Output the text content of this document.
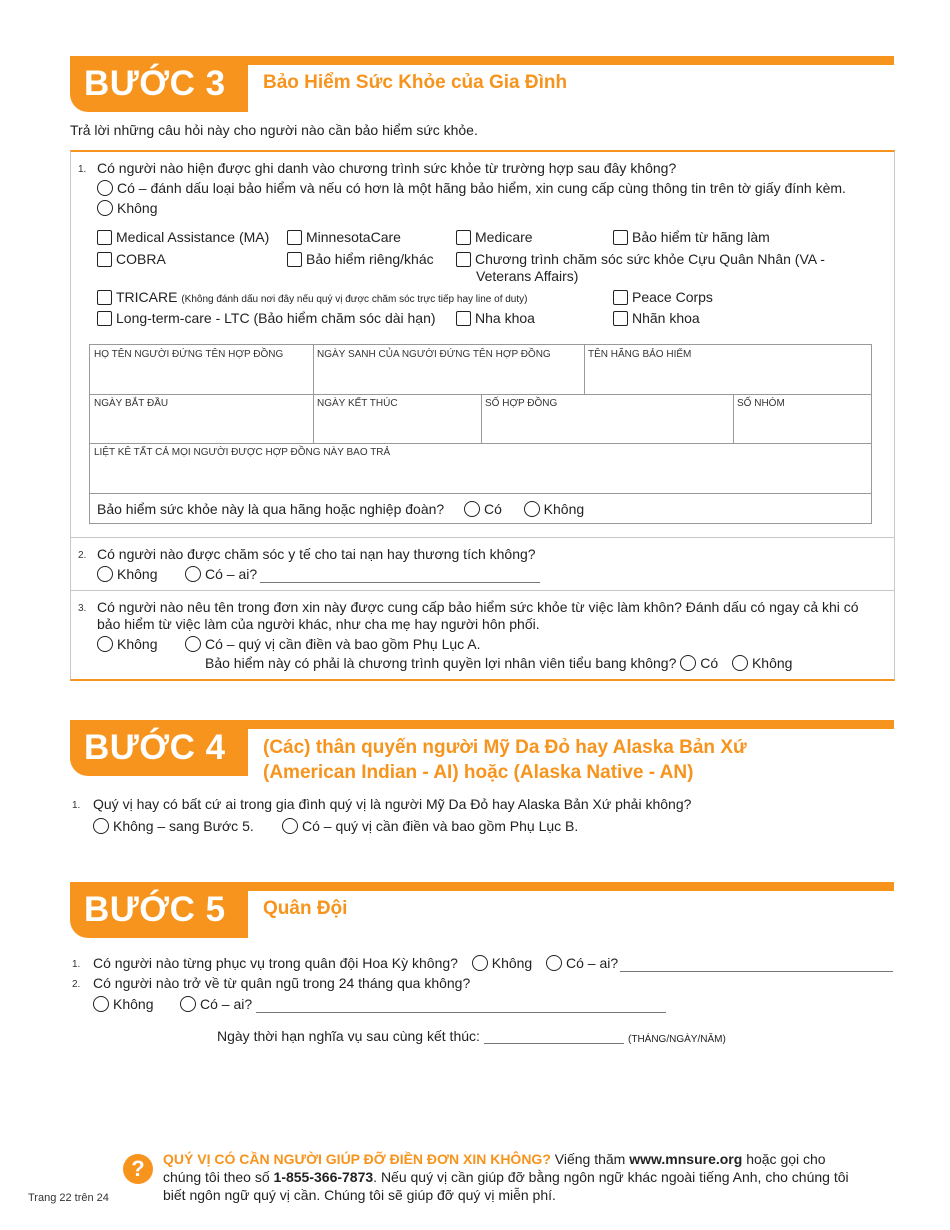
BƯỚC 3	Bảo Hiểm Sức Khỏe của Gia Đình
Trả lời những câu hỏi này cho người nào cần bảo hiểm sức khỏe.
1. Có người nào hiện được ghi danh vào chương trình sức khỏe từ trường hợp sau đây không?
Có – đánh dấu loại bảo hiểm và nếu có hơn là một hãng bảo hiểm, xin cung cấp cùng thông tin trên tờ giấy đính kèm.
Không
Medical Assistance (MA)	MinnesotaCare	Medicare	Bảo hiểm từ hãng làm
COBRA	Bảo hiểm riêng/khác	Chương trình chăm sóc sức khỏe Cựu Quân Nhân (VA -
Veterans Affairs)
TRICARE (Không đánh dấu nơi đây nếu quý vị được chăm sóc trực tiếp hay line of duty)	Peace Corps
Long-term-care - LTC (Bảo hiểm chăm sóc dài hạn)	Nha khoa	Nhãn khoa
HỌ TÊN NGƯỜI ĐỨNG TÊN HỢP ĐỒNG	NGÀY SANH CỦA NGƯỜI ĐỨNG TÊN HỢP ĐỒNG	TÊN HÃNG BẢO HIỂM
NGÀY BẮT ĐẦU	NGÀY KẾT THÚC	SỐ HỢP ĐỒNG	SỐ NHÓM
LIỆT KÊ TẤT CẢ MỌI NGƯỜI ĐƯỢC HỢP ĐỒNG NÀY BAO TRẢ
Bảo hiểm sức khỏe này là qua hãng hoặc nghiệp đoàn?	Có	Không
2. Có người nào được chăm sóc y tế cho tai nạn hay thương tích không?
Không	Có – ai?
3. Có người nào nêu tên trong đơn xin này được cung cấp bảo hiểm sức khỏe từ việc làm khôn? Đánh dấu có ngay cả khi có
bảo hiểm từ việc làm của người khác, như cha mẹ hay người hôn phối.
Không	Có – quý vị cần điền và bao gồm Phụ Lục A.
Bảo hiểm này có phải là chương trình quyền lợi nhân viên tiểu bang không? Có Không
BƯỚC 4	(Các) thân quyến người Mỹ Da Đỏ hay Alaska Bản Xứ
(American Indian - AI) hoặc (Alaska Native - AN)
1. Quý vị hay có bất cứ ai trong gia đình quý vị là người Mỹ Da Đỏ hay Alaska Bản Xứ phải không?
Không – sang Bước 5.	Có – quý vị cần điền và bao gồm Phụ Lục B.
BƯỚC 5	Quân Đội
1. Có người nào từng phục vụ trong quân đội Hoa Kỳ không? Không Có – ai?
2. Có người nào trở về từ quân ngũ trong 24 tháng qua không?
Không	Có – ai?
Ngày thời hạn nghĩa vụ sau cùng kết thúc:	(THÁNG/NGÀY/NĂM)
?	QUÝ VỊ CÓ CẦN NGƯỜI GIÚP ĐỠ ĐIỀN ĐƠN XIN KHÔNG? Viếng thăm www.mnsure.org hoặc gọi cho chúng tôi theo số 1-855-366-7873. Nếu quý vị cần giúp đỡ bằng ngôn ngữ khác ngoài tiếng Anh, cho chúng tôi biết ngôn ngữ quý vị cần. Chúng tôi sẽ giúp đỡ quý vị miễn phí.
Trang 22 trên 24
